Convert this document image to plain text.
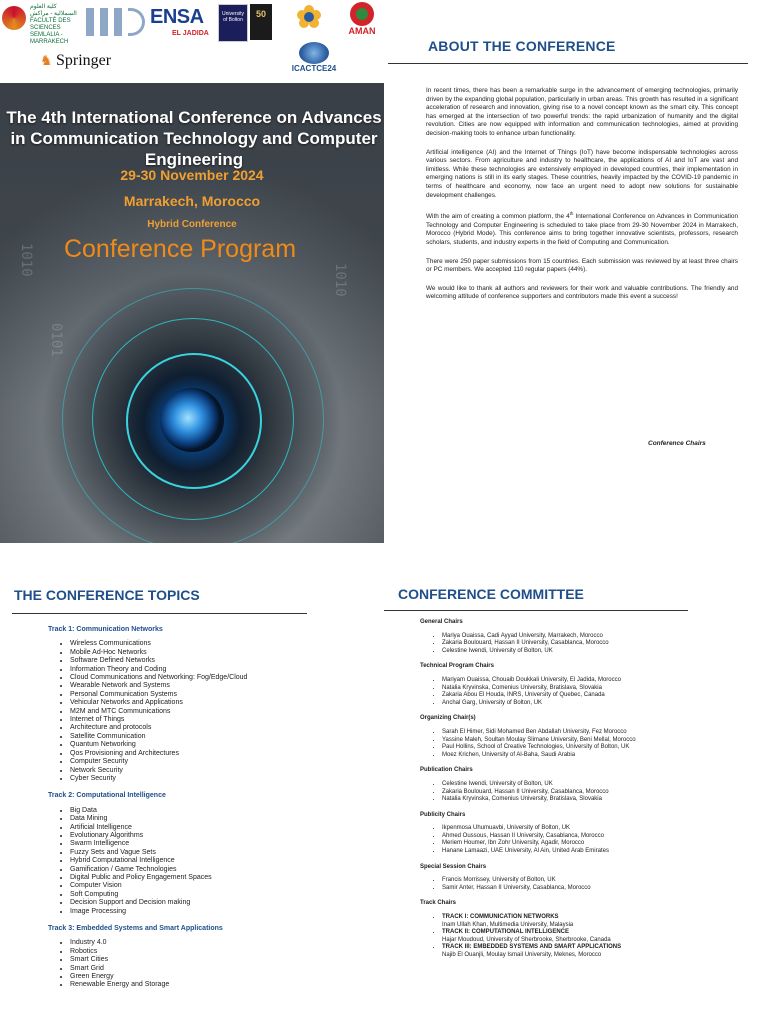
كلية العلوم السملالية - مراكش FACULTÉ DES SCIENCES SEMLALIA - MARRAKECH
ENSA
EL JADIDA
University of Bolton
50
AMAN
♞ Springer	ICACTCE24
1010
0101
1010
The 4th International Conference on Advances in Communication Technology and Computer Engineering
29-30 November 2024
Marrakech, Morocco
Hybrid Conference
Conference Program
ABOUT THE CONFERENCE

In recent times, there has been a remarkable surge in the advancement of emerging technologies, primarily driven by the expanding global population, particularly in urban areas. This growth has resulted in a significant acceleration of research and innovation, giving rise to a novel concept known as the smart city. This concept has emerged at the intersection of two powerful trends: the rapid urbanization of humanity and the digital revolution. Cities are now equipped with information and communication technologies, aimed at providing decision-making tools to enhance urban functionality.

Artificial intelligence (AI) and the Internet of Things (IoT) have become indispensable technologies across various sectors. From agriculture and industry to healthcare, the applications of AI and IoT are vast and limitless. While these technologies are extensively employed in developed countries, their implementation in emerging nations is still in its early stages. These countries, heavily impacted by the COVID-19 pandemic in terms of healthcare and economy, now face an urgent need to adopt new solutions for sustainable development challenges.

With the aim of creating a common platform, the 4th International Conference on Advances in Communication Technology and Computer Engineering is scheduled to take place from 29-30 November 2024 in Marrakech, Morocco (Hybrid Mode). This conference aims to bring together innovative scientists, professors, research scholars, students, and industry experts in the field of Computing and Communication.

There were 250 paper submissions from 15 countries. Each submission was reviewed by at least three chairs or PC members. We accepted 110 regular papers (44%).

We would like to thank all authors and reviewers for their work and valuable contributions. The friendly and welcoming attitude of conference supporters and contributors made this event a success!

Conference Chairs
THE CONFERENCE TOPICS
Track 1: Communication Networks
• Wireless Communications
• Mobile Ad-Hoc Networks
• Software Defined Networks
• Information Theory and Coding
• Cloud Communications and Networking: Fog/Edge/Cloud
• Wearable Network and Systems
• Personal Communication Systems
• Vehicular Networks and Applications
• M2M and MTC Communications
• Internet of Things
• Architecture and protocols
• Satellite Communication
• Quantum Networking
• Qos Provisioning and Architectures
• Computer Security
• Network Security
• Cyber Security
Track 2: Computational Intelligence
• Big Data
• Data Mining
• Artificial Intelligence
• Evolutionary Algorithms
• Swarm Intelligence
• Fuzzy Sets and Vague Sets
• Hybrid Computational Intelligence
• Gamification / Game Technologies
• Digital Public and Policy Engagement Spaces
• Computer Vision
• Soft Computing
• Decision Support and Decision making
• Image Processing
Track 3: Embedded Systems and Smart Applications
• Industry 4.0
• Robotics
• Smart Cities
• Smart Grid
• Green Energy
• Renewable Energy and Storage
CONFERENCE COMMITTEE
General Chairs
• Mariya Ouaissa, Cadi Ayyad University, Marrakech, Morocco
• Zakaria Boulouard, Hassan II University, Casablanca, Morocco
• Celestine Iwendi, University of Bolton, UK
Technical Program Chairs
• Mariyam Ouaissa, Chouaib Doukkali University, El Jadida, Morocco
• Natalia Kryvinska, Comenius University, Bratislava, Slovakia
• Zakaria Abou El Houda, INRS, University of Quebec, Canada
• Anchal Garg, University of Bolton, UK
Organizing Chair(s)
• Sarah El Himer, Sidi Mohamed Ben Abdallah University, Fez Morocco
• Yassine Maleh, Soultan Moulay Slimane University, Beni Mellal, Morocco
• Paul Hollins, School of Creative Technologies, University of Bolton, UK
• Moez Krichen, University of Al-Baha, Saudi Arabia
Publication Chairs
• Celestine Iwendi, University of Bolton, UK
• Zakaria Boulouard, Hassan II University, Casablanca, Morocco
• Natalia Kryvinska, Comenius University, Bratislava, Slovakia
Publicity Chairs
• Ikpenmosa Uhumuavbi, University of Bolton, UK
• Ahmed Oussous, Hassan II University, Casablanca, Morocco
• Meriem Houmer, Ibn Zohr University, Agadir, Morocco
• Hanane Lamaazi, UAE University, Al Ain, United Arab Emirates
Special Session Chairs
• Francis Morrissey, University of Bolton, UK
• Samir Anter, Hassan II University, Casablanca, Morocco
Track Chairs
• TRACK I: COMMUNICATION NETWORKS
Inam Ullah Khan, Multimedia University, Malaysia
• TRACK II: COMPUTATIONAL INTELLIGENCE
Hajar Moudoud, University of Sherbrooke, Sherbrooke, Canada
• TRACK III: EMBEDDED SYSTEMS AND SMART APPLICATIONS
Najib El Ouanjli, Moulay Ismail University, Meknes, Morocco
